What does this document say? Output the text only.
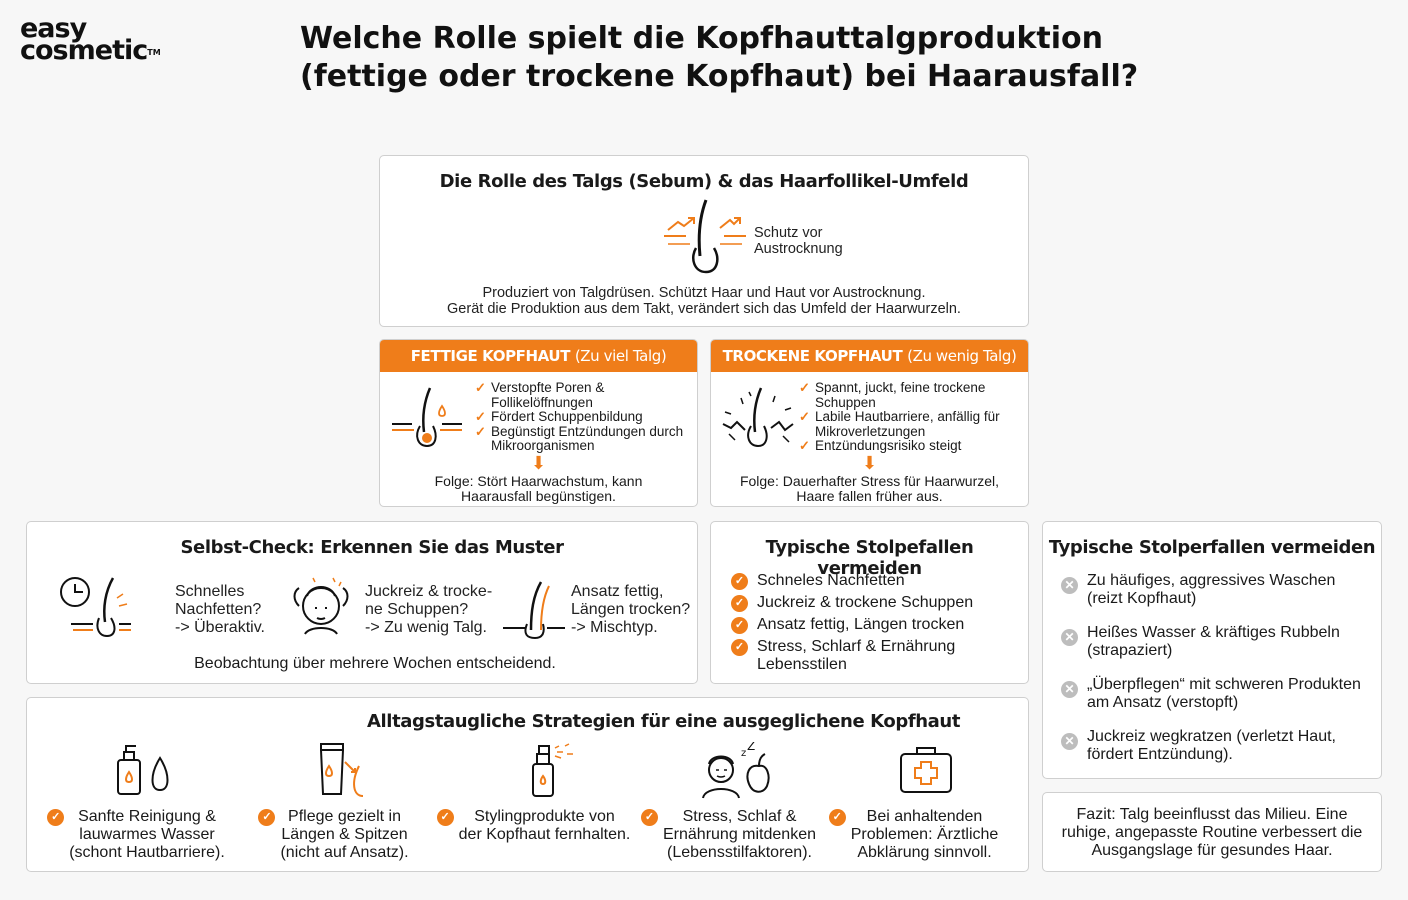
easy
cosmetic™	Welche Rolle spielt die Kopfhauttalgproduktion (fettige oder trockene Kopfhaut) bei Haarausfall?
Die Rolle des Talgs (Sebum) & das Haarfollikel-Umfeld
Schutz vor
Austrocknung
Produziert von Talgdrüsen. Schützt Haar und Haut vor Austrocknung.
Gerät die Produktion aus dem Takt, verändert sich das Umfeld der Haarwurzeln.
FETTIGE KOPFHAUT (Zu viel Talg)
✓ Verstopfte Poren & Follikelöffnungen
✓ Fördert Schuppenbildung
✓ Begünstigt Entzündungen durch Mikroorganismen
⬇
Folge: Stört Haarwachstum, kann Haarausfall begünstigen.
TROCKENE KOPFHAUT (Zu wenig Talg)
✓ Spannt, juckt, feine trockene Schuppen
✓ Labile Hautbarriere, anfällig für Mikroverletzungen
✓ Entzündungsrisiko steigt
⬇
Folge: Dauerhafter Stress für Haarwurzel, Haare fallen früher aus.
Selbst-Check: Erkennen Sie das Muster
Schnelles
Nachfetten?
-> Überaktiv.
Juckreiz & trocke-
ne Schuppen?
-> Zu wenig Talg.
Ansatz fettig,
Längen trocken?
-> Mischtyp.
Beobachtung über mehrere Wochen entscheidend.
Typische Stolpefallen vermeiden
✓ Schneles Nachfetten
✓ Juckreiz & trockene Schuppen
✓ Ansatz fettig, Längen trocken
✓ Stress, Schlarf & Ernährung Lebensstilen
Typische Stolperfallen vermeiden
✕ Zu häufiges, aggressives Waschen
(reizt Kopfhaut)
✕ Heißes Wasser & kräftiges Rubbeln
(strapaziert)
✕ „Überpflegen“ mit schweren Produkten
am Ansatz (verstopft)
✕ Juckreiz wegkratzen (verletzt Haut,
fördert Entzündung).
Alltagstaugliche Strategien für eine ausgeglichene Kopfhaut
✓	Sanfte Reinigung &
lauwarmes Wasser
(schont Hautbarriere).
✓	Pflege gezielt in
Längen & Spitzen
(nicht auf Ansatz).
✓	Stylingprodukte von
der Kopfhaut fernhalten.
z
Z
✓	Stress, Schlaf &
Ernährung mitdenken
(Lebensstilfaktoren).
✓	Bei anhaltenden
Problemen: Ärztliche
Abklärung sinnvoll.
Fazit: Talg beeinflusst das Milieu. Eine
ruhige, angepasste Routine verbessert die
Ausgangslage für gesundes Haar.
